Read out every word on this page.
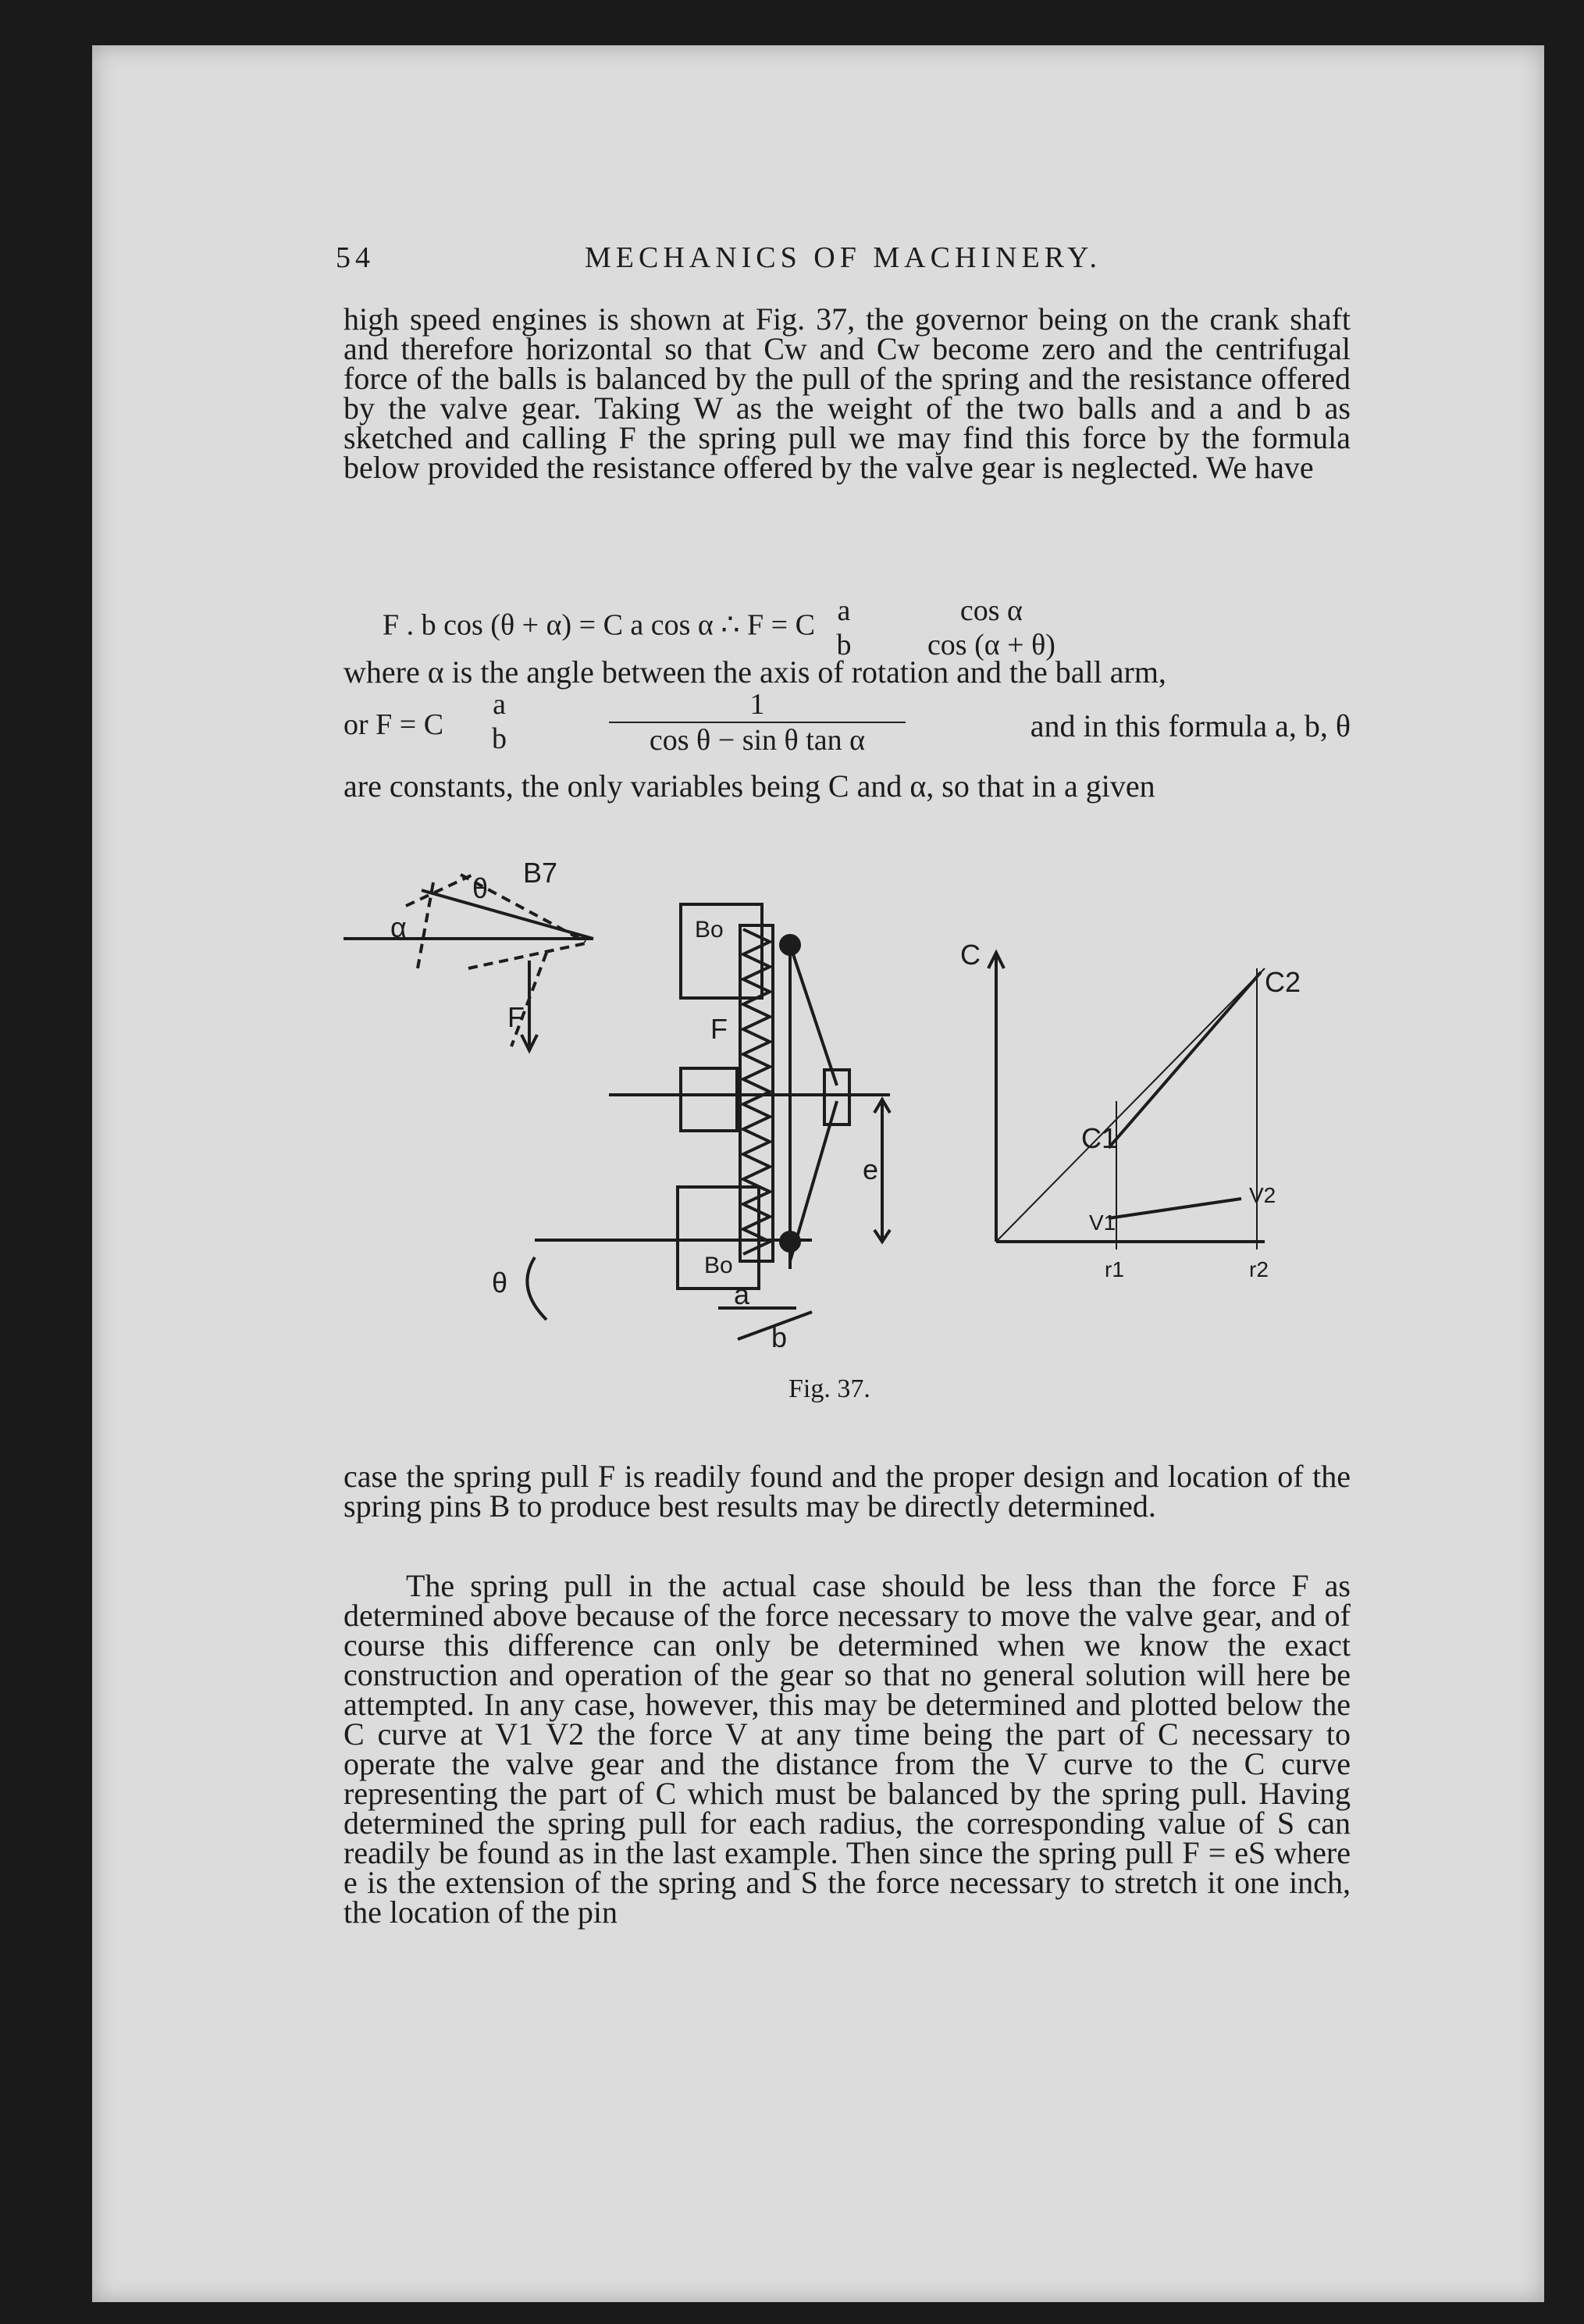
54	MECHANICS OF MACHINERY.
high speed engines is shown at Fig. 37, the governor being on the crank shaft and therefore horizontal so that Cw and Cw become zero and the centrifugal force of the balls is balanced by the pull of the spring and the resistance offered by the valve gear. Taking W as the weight of the two balls and a and b as sketched and calling F the spring pull we may find this force by the formula below provided the resistance offered by the valve gear is neglected. We have
F . b cos (θ + α) = C a cos α ∴ F = C a
b

cos α
cos (α + θ)
where α is the angle between the axis of rotation and the ball arm,
or F = C
a
b	$\frac{1}{\text{cos θ − sin θ tan α}}$	and in this formula a, b, θ
are constants, the only variables being C and α, so that in a given
α
θ B7
F
Bo
F
e
Bo
θ	a
b
C
C2
C1
V1
V2
r1	r2
Fig. 37.
case the spring pull F is readily found and the proper design and location of the spring pins B to produce best results may be directly determined.
The spring pull in the actual case should be less than the force F as determined above because of the force necessary to move the valve gear, and of course this difference can only be determined when we know the exact construction and operation of the gear so that no general solution will here be attempted. In any case, however, this may be determined and plotted below the C curve at V1 V2 the force V at any time being the part of C necessary to operate the valve gear and the distance from the V curve to the C curve representing the part of C which must be balanced by the spring pull. Having determined the spring pull for each radius, the corresponding value of S can readily be found as in the last example. Then since the spring pull F = eS where e is the extension of the spring and S the force necessary to stretch it one inch, the location of the pin
